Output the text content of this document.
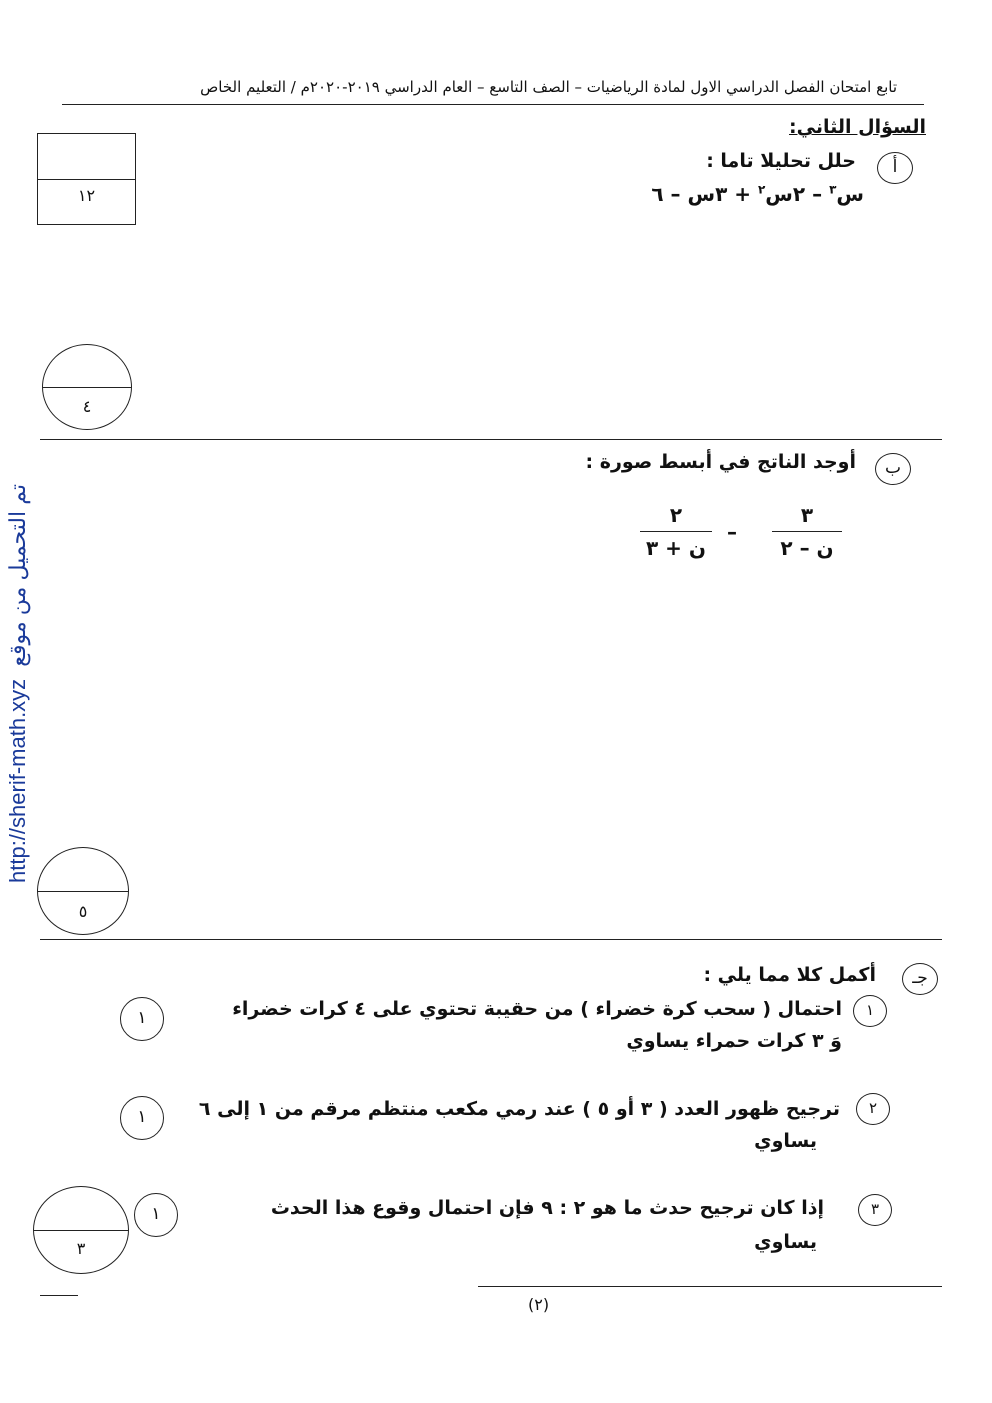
تابع امتحان الفصل الدراسي الاول لمادة الرياضيات – الصف التاسع – العام الدراسي ٢٠١٩-٢٠٢٠م / التعليم الخاص
السؤال الثاني:
١٢
أ
حلل تحليلا تاما :
س$^٣$ – ٢س$^٢$ + ٣س – ٦
٤
ب
أوجد الناتج في أبسط صورة :
٣
ن – ٢
–
٢
ن + ٣
٥
جـ
أكمل كلا مما يلي :
١
احتمال ( سحب كرة خضراء ) من حقيبة تحتوي على ٤ كرات خضراء
وَ ٣ كرات حمراء يساوي
١
٢
ترجيح ظهور العدد ( ٣ أو ٥ ) عند رمي مكعب منتظم مرقم من ١ إلى ٦
يساوي
١
٣
إذا كان ترجيح حدث ما هو ٢ : ٩ فإن احتمال وقوع هذا الحدث
يساوي
١
٣
(٢)
http://sherif-math.xyz تم التحميل من موقع
